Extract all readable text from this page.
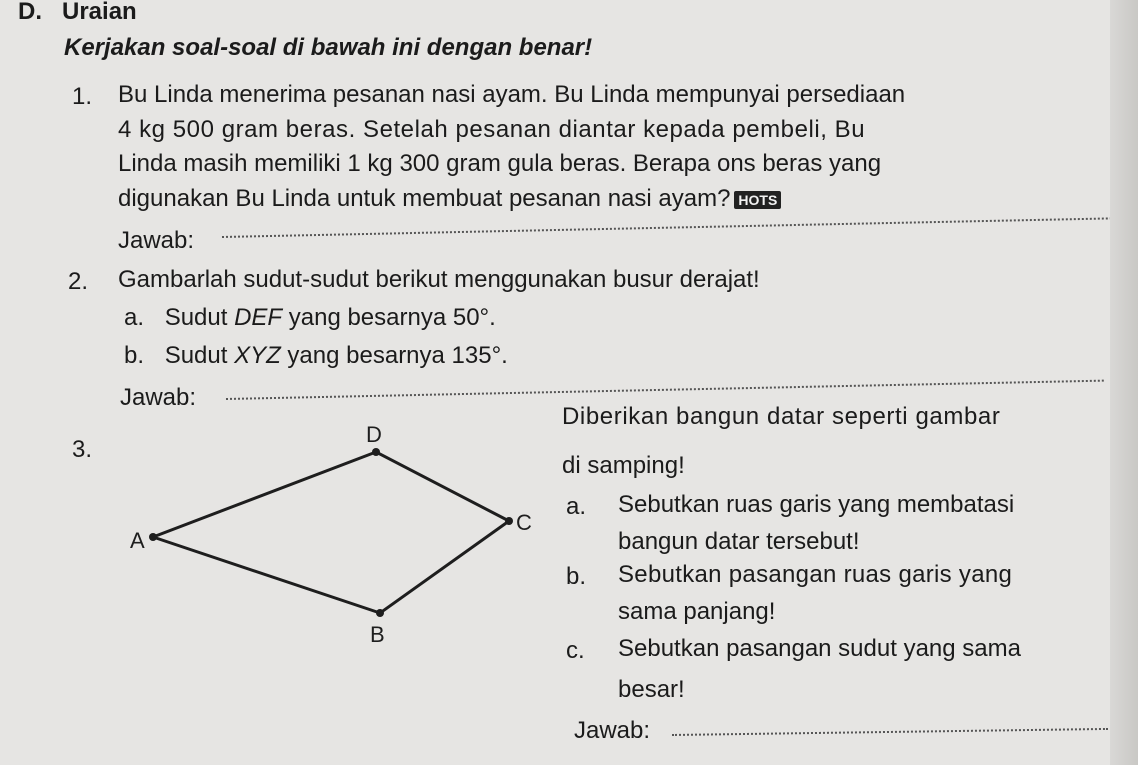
D. Uraian
Kerjakan soal-soal di bawah ini dengan benar!
1. Bu Linda menerima pesanan nasi ayam. Bu Linda mempunyai persediaan
4 kg 500 gram beras. Setelah pesanan diantar kepada pembeli, Bu
Linda masih memiliki 1 kg 300 gram gula beras. Berapa ons beras yang
digunakan Bu Linda untuk membuat pesanan nasi ayam? HOTS
Jawab:
2. Gambarlah sudut-sudut berikut menggunakan busur derajat!
a. Sudut DEF yang besarnya 50°.
b. Sudut XYZ yang besarnya 135°.
Jawab:
3.
A
B
C
D
Diberikan bangun datar seperti gambar
di samping!
a. Sebutkan ruas garis yang membatasi
bangun datar tersebut!
b. Sebutkan pasangan ruas garis yang
sama panjang!
c. Sebutkan pasangan sudut yang sama
besar!
Jawab:
